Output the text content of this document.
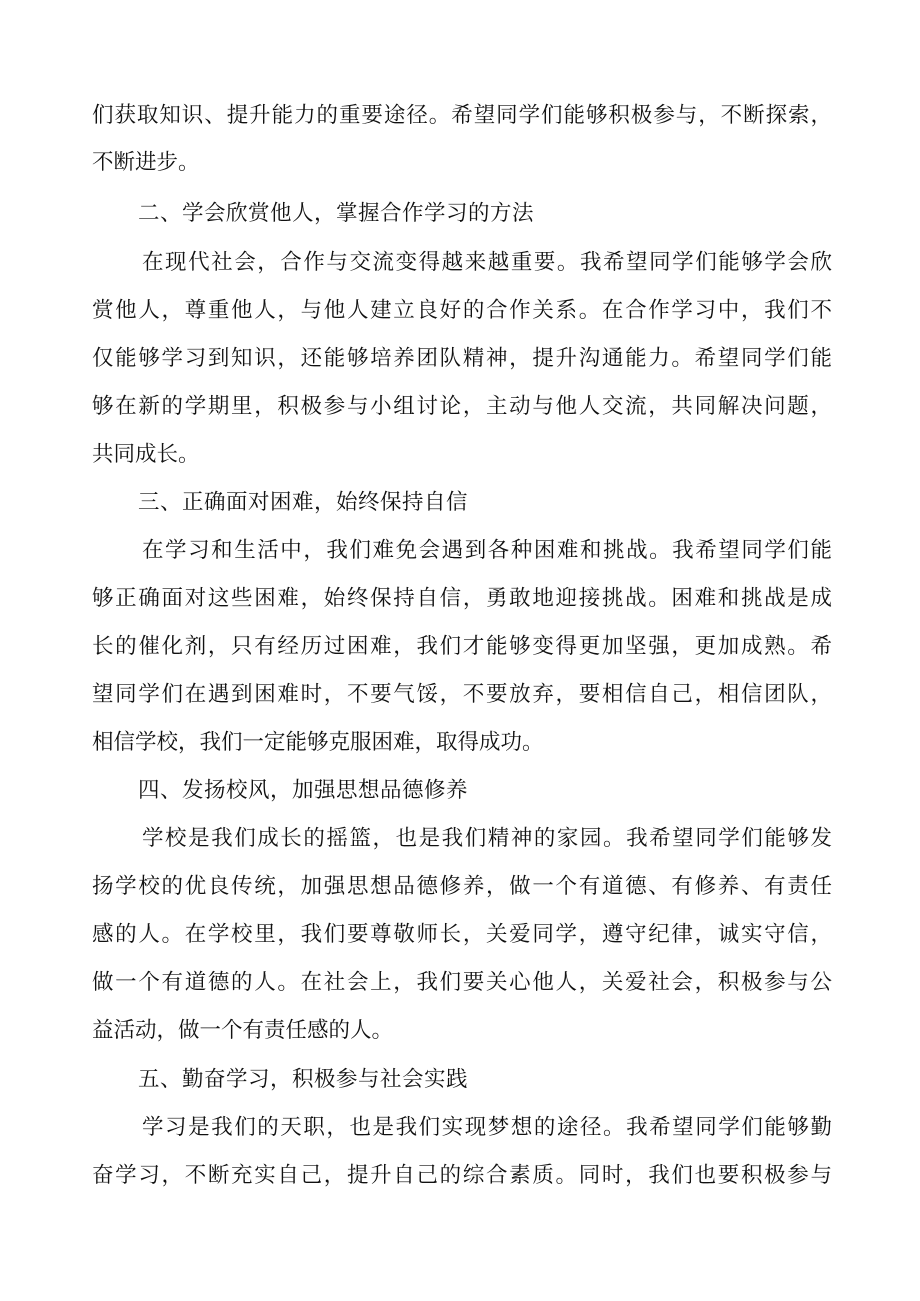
们获取知识、提升能力的重要途径。希望同学们能够积极参与，不断探索，
不断进步。
二、学会欣赏他人，掌握合作学习的方法
在现代社会，合作与交流变得越来越重要。我希望同学们能够学会欣
赏他人，尊重他人，与他人建立良好的合作关系。在合作学习中，我们不
仅能够学习到知识，还能够培养团队精神，提升沟通能力。希望同学们能
够在新的学期里，积极参与小组讨论，主动与他人交流，共同解决问题，
共同成长。
三、正确面对困难，始终保持自信
在学习和生活中，我们难免会遇到各种困难和挑战。我希望同学们能
够正确面对这些困难，始终保持自信，勇敢地迎接挑战。困难和挑战是成
长的催化剂，只有经历过困难，我们才能够变得更加坚强，更加成熟。希
望同学们在遇到困难时，不要气馁，不要放弃，要相信自己，相信团队，
相信学校，我们一定能够克服困难，取得成功。
四、发扬校风，加强思想品德修养
学校是我们成长的摇篮，也是我们精神的家园。我希望同学们能够发
扬学校的优良传统，加强思想品德修养，做一个有道德、有修养、有责任
感的人。在学校里，我们要尊敬师长，关爱同学，遵守纪律，诚实守信，
做一个有道德的人。在社会上，我们要关心他人，关爱社会，积极参与公
益活动，做一个有责任感的人。
五、勤奋学习，积极参与社会实践
学习是我们的天职，也是我们实现梦想的途径。我希望同学们能够勤
奋学习，不断充实自己，提升自己的综合素质。同时，我们也要积极参与
